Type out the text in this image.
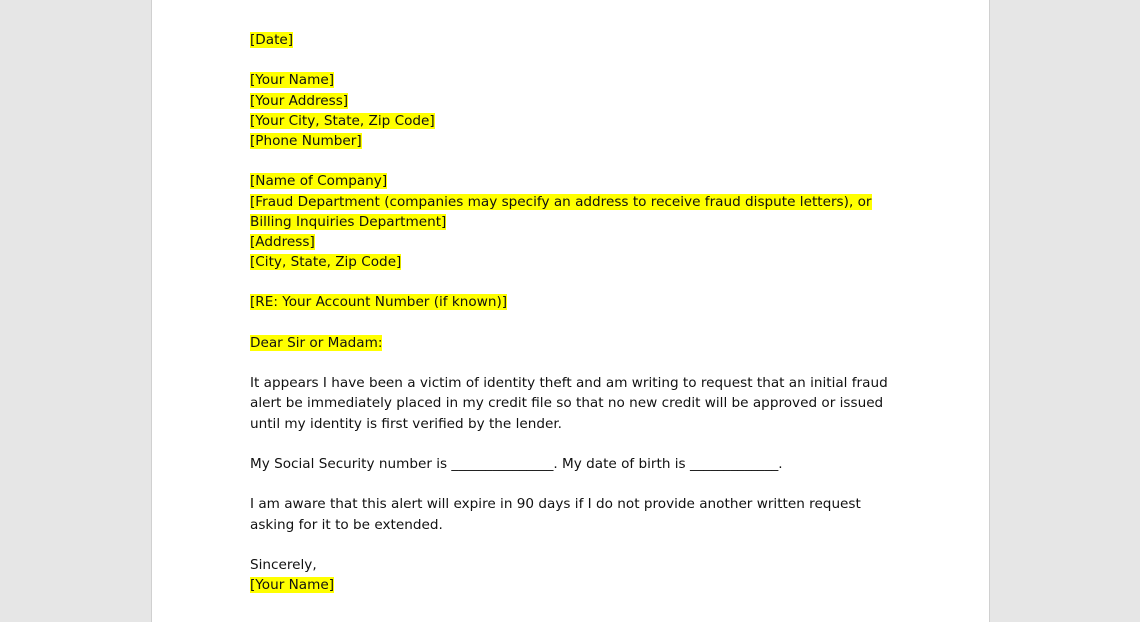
[Date]
[Your Name]
[Your Address]
[Your City, State, Zip Code]
[Phone Number]
[Name of Company]
[Fraud Department (companies may specify an address to receive fraud dispute letters), or
Billing Inquiries Department]
[Address]
[City, State, Zip Code]
[RE: Your Account Number (if known)]
Dear Sir or Madam:
It appears I have been a victim of identity theft and am writing to request that an initial fraud
alert be immediately placed in my credit file so that no new credit will be approved or issued
until my identity is first verified by the lender.
My Social Security number is _______________. My date of birth is _____________.
I am aware that this alert will expire in 90 days if I do not provide another written request
asking for it to be extended.
Sincerely,
[Your Name]
